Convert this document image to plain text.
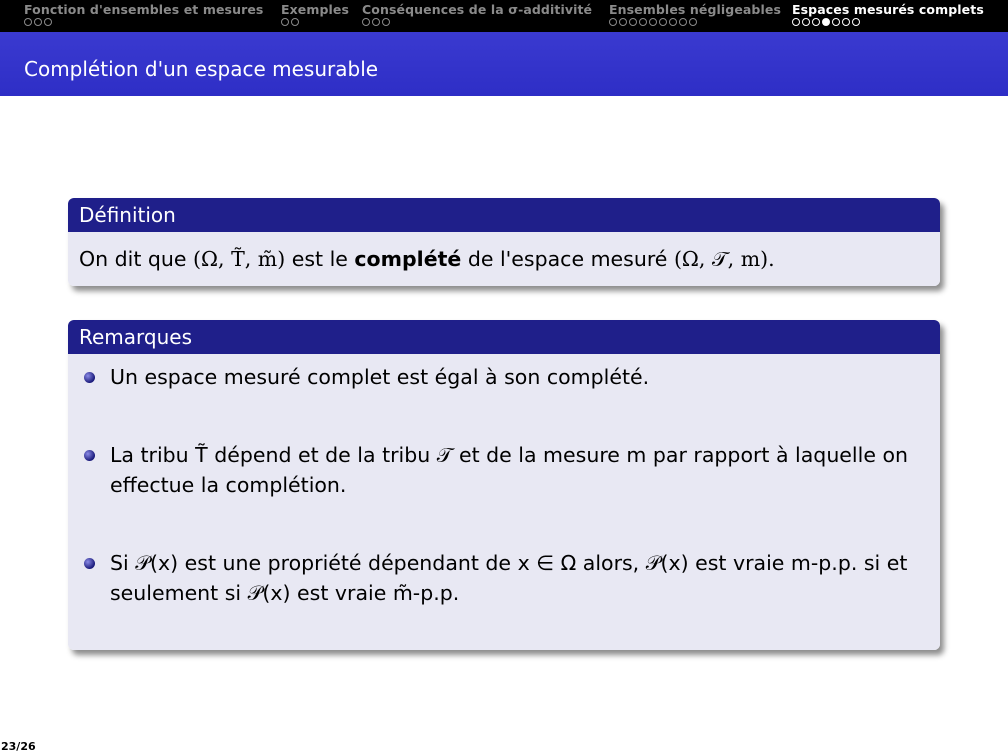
Fonction d'ensembles et mesures Exemples Conséquences de la σ-additivité Ensembles négligeables Espaces mesurés complets
Complétion d'un espace mesurable
Définition
On dit que (Ω, T̃, m̃) est le complété de l'espace mesuré (Ω, 𝒯, m).
Remarques
Un espace mesuré complet est égal à son complété.
La tribu T̃ dépend et de la tribu 𝒯 et de la mesure m par rapport à laquelle on effectue la complétion.
Si 𝒫(x) est une propriété dépendant de x ∈ Ω alors, 𝒫(x) est vraie m-p.p. si et seulement si 𝒫(x) est vraie m̃-p.p.
23/26
